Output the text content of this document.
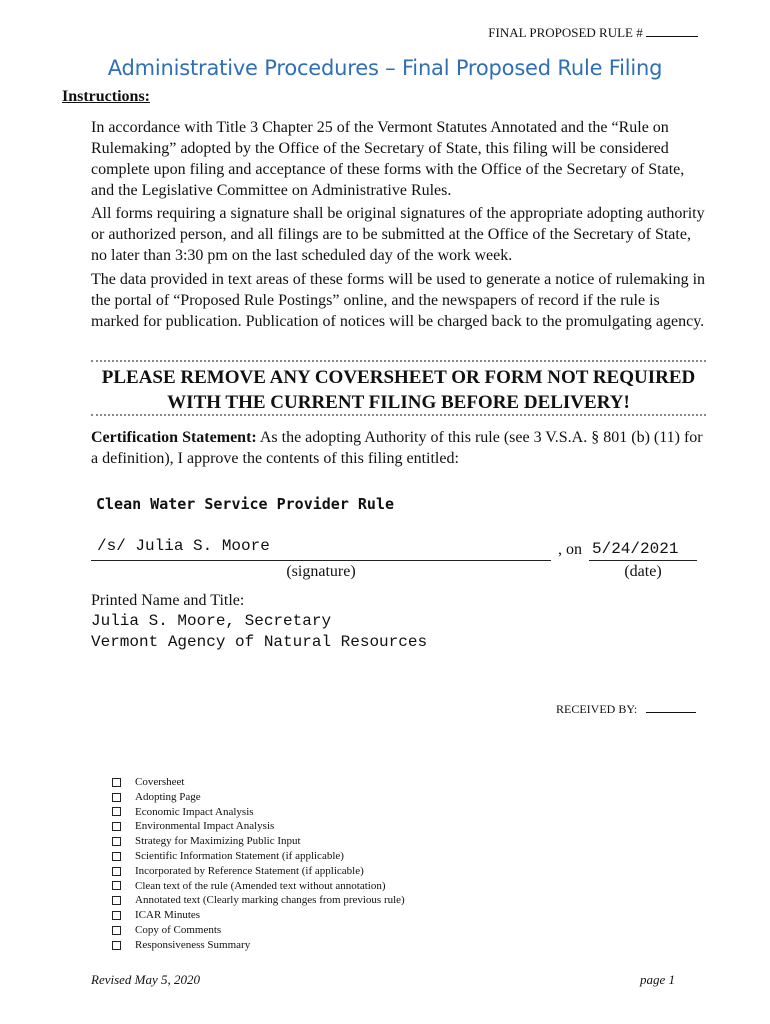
FINAL PROPOSED RULE #
Administrative Procedures – Final Proposed Rule Filing
Instructions:

In accordance with Title 3 Chapter 25 of the Vermont Statutes Annotated and the “Rule on Rulemaking” adopted by the Office of the Secretary of State, this filing will be considered complete upon filing and acceptance of these forms with the Office of the Secretary of State, and the Legislative Committee on Administrative Rules.

All forms requiring a signature shall be original signatures of the appropriate adopting authority or authorized person, and all filings are to be submitted at the Office of the Secretary of State, no later than 3:30 pm on the last scheduled day of the work week.

The data provided in text areas of these forms will be used to generate a notice of rulemaking in the portal of “Proposed Rule Postings” online, and the newspapers of record if the rule is marked for publication. Publication of notices will be charged back to the promulgating agency.

PLEASE REMOVE ANY COVERSHEET OR FORM NOT REQUIRED WITH THE CURRENT FILING BEFORE DELIVERY!

Certification Statement: As the adopting Authority of this rule (see 3 V.S.A. § 801 (b) (11) for a definition), I approve the contents of this filing entitled:

Clean Water Service Provider Rule
/s/ Julia S. Moore	, on 5/24/2021
(signature)	(date)
Printed Name and Title:
Julia S. Moore, Secretary
Vermont Agency of Natural Resources
RECEIVED BY:
Coversheet
Adopting Page
Economic Impact Analysis
Environmental Impact Analysis
Strategy for Maximizing Public Input
Scientific Information Statement (if applicable)
Incorporated by Reference Statement (if applicable)
Clean text of the rule (Amended text without annotation)
Annotated text (Clearly marking changes from previous rule)
ICAR Minutes
Copy of Comments
Responsiveness Summary
Revised May 5, 2020	page 1
